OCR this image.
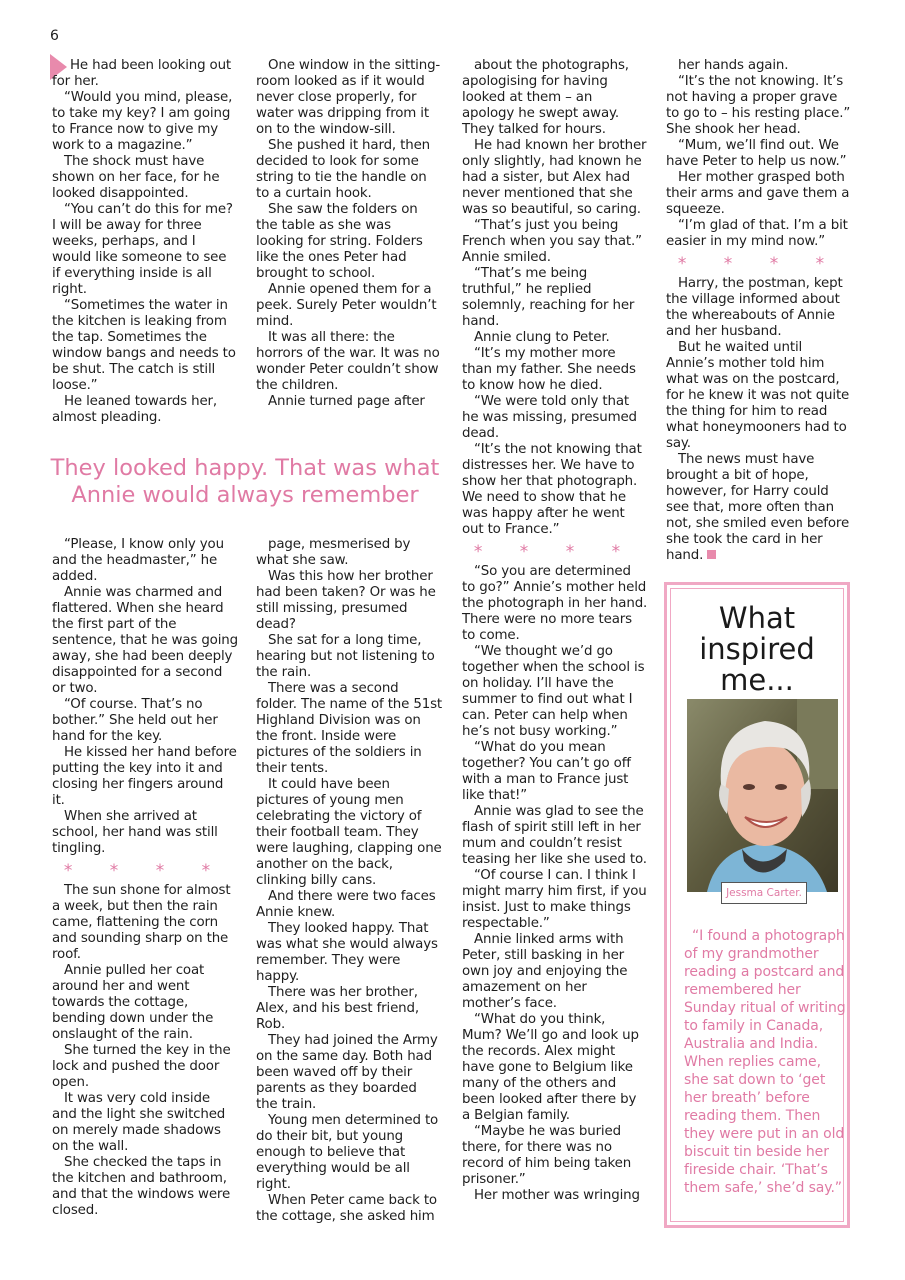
6

He had been looking out for her.

“Would you mind, please, to take my key? I am going to France now to give my work to a magazine.”

The shock must have shown on her face, for he looked disappointed.

“You can’t do this for me? I will be away for three weeks, perhaps, and I would like someone to see if everything inside is all right.

“Sometimes the water in the kitchen is leaking from the tap. Sometimes the window bangs and needs to be shut. The catch is still loose.”

He leaned towards her, almost pleading.

They looked happy. That was what Annie would always remember

“Please, I know only you and the headmaster,” he added.

Annie was charmed and flattered. When she heard the first part of the sentence, that he was going away, she had been deeply disappointed for a second or two.

“Of course. That’s no bother.” She held out her hand for the key.

He kissed her hand before putting the key into it and closing her fingers around it.

When she arrived at school, her hand was still tingling.

* * * *

The sun shone for almost a week, but then the rain came, flattening the corn and sounding sharp on the roof.

Annie pulled her coat around her and went towards the cottage, bending down under the onslaught of the rain.

She turned the key in the lock and pushed the door open.

It was very cold inside and the light she switched on merely made shadows on the wall.

She checked the taps in the kitchen and bathroom, and that the windows were closed.

One window in the sitting-room looked as if it would never close properly, for water was dripping from it on to the window-sill.

She pushed it hard, then decided to look for some string to tie the handle on to a curtain hook.

She saw the folders on the table as she was looking for string. Folders like the ones Peter had brought to school.

Annie opened them for a peek. Surely Peter wouldn’t mind.

It was all there: the horrors of the war. It was no wonder Peter couldn’t show the children.

Annie turned page after

page, mesmerised by what she saw.

Was this how her brother had been taken? Or was he still missing, presumed dead?

She sat for a long time, hearing but not listening to the rain.

There was a second folder. The name of the 51st Highland Division was on the front. Inside were pictures of the soldiers in their tents.

It could have been pictures of young men celebrating the victory of their football team. They were laughing, clapping one another on the back, clinking billy cans.

And there were two faces Annie knew.

They looked happy. That was what she would always remember. They were happy.

There was her brother, Alex, and his best friend, Rob.

They had joined the Army on the same day. Both had been waved off by their parents as they boarded the train.

Young men determined to do their bit, but young enough to believe that everything would be all right.

When Peter came back to the cottage, she asked him

about the photographs, apologising for having looked at them – an apology he swept away. They talked for hours.

He had known her brother only slightly, had known he had a sister, but Alex had never mentioned that she was so beautiful, so caring.

“That’s just you being French when you say that.” Annie smiled.

“That’s me being truthful,” he replied solemnly, reaching for her hand.

Annie clung to Peter.

“It’s my mother more than my father. She needs to know how he died.

“We were told only that he was missing, presumed dead.

“It’s the not knowing that distresses her. We have to show her that photograph. We need to show that he was happy after he went out to France.”

* * * *

“So you are determined to go?” Annie’s mother held the photograph in her hand. There were no more tears to come.

“We thought we’d go together when the school is on holiday. I’ll have the summer to find out what I can. Peter can help when he’s not busy working.”

“What do you mean together? You can’t go off with a man to France just like that!”

Annie was glad to see the flash of spirit still left in her mum and couldn’t resist teasing her like she used to.

“Of course I can. I think I might marry him first, if you insist. Just to make things respectable.”

Annie linked arms with Peter, still basking in her own joy and enjoying the amazement on her mother’s face.

“What do you think, Mum? We’ll go and look up the records. Alex might have gone to Belgium like many of the others and been looked after there by a Belgian family.

“Maybe he was buried there, for there was no record of him being taken prisoner.”

Her mother was wringing

her hands again.

“It’s the not knowing. It’s not having a proper grave to go to – his resting place.” She shook her head.

“Mum, we’ll find out. We have Peter to help us now.”

Her mother grasped both their arms and gave them a squeeze.

“I’m glad of that. I’m a bit easier in my mind now.”

* * * *

Harry, the postman, kept the village informed about the whereabouts of Annie and her husband.

But he waited until Annie’s mother told him what was on the postcard, for he knew it was not quite the thing for him to read what honeymooners had to say.

The news must have brought a bit of hope, however, for Harry could see that, more often than not, she smiled even before she took the card in her hand.

What inspired me...
Jessma Carter.

“I found a photograph of my grandmother reading a postcard and remembered her Sunday ritual of writing to family in Canada, Australia and India. When replies came, she sat down to ‘get her breath’ before reading them. Then they were put in an old biscuit tin beside her fireside chair. ‘That’s them safe,’ she’d say.”
